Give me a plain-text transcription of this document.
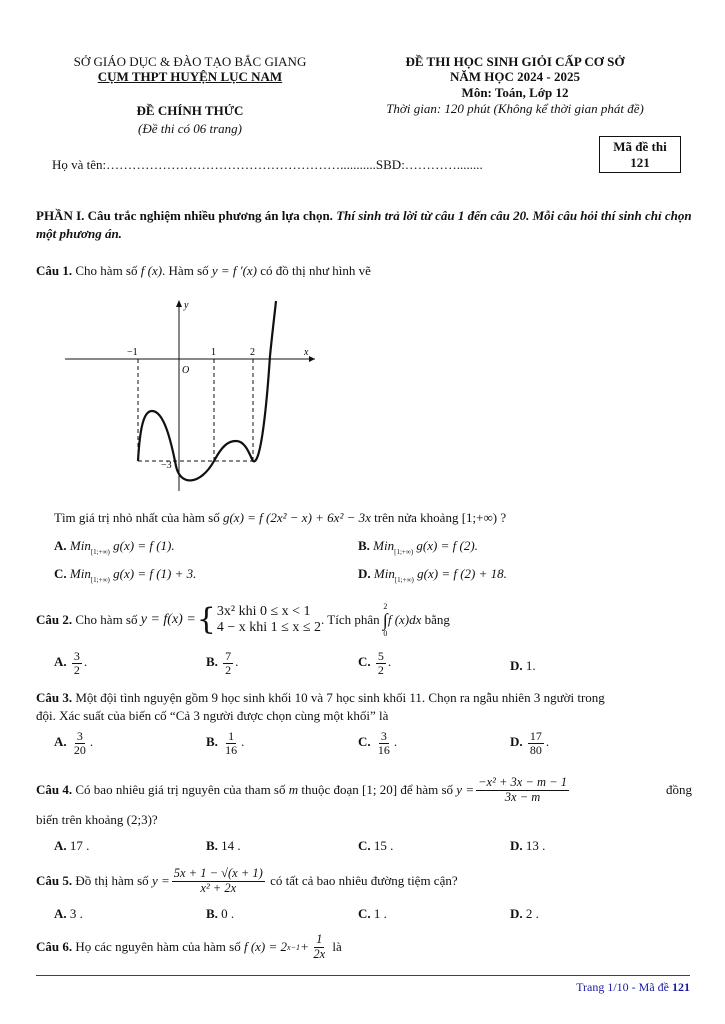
SỞ GIÁO DỤC & ĐÀO TẠO BẮC GIANG
CỤM THPT HUYỆN LỤC NAM
ĐỀ CHÍNH THỨC
(Đề thi có 06 trang)
ĐỀ THI HỌC SINH GIỎI CẤP CƠ SỞ
NĂM HỌC 2024 - 2025
Môn: Toán, Lớp 12
Thời gian: 120 phút (Không kể thời gian phát đề)
Mã đề thi
121
Họ và tên:………………………………………………...........SBD:…………........
PHẦN I. Câu trắc nghiệm nhiều phương án lựa chọn. Thí sinh trả lời từ câu 1 đến câu 20. Mỗi câu hỏi thí sinh chỉ chọn một phương án.
Câu 1. Cho hàm số f (x). Hàm số y = f '(x) có đồ thị như hình vẽ
y
x
O
−1	1	2
−3
Tìm giá trị nhỏ nhất của hàm số g(x) = f (2x² − x) + 6x² − 3x trên nửa khoảng [1;+∞) ?
A. Min$_{[1;+\infty)}$ g(x) = f (1).	B. Min$_{[1;+\infty)}$ g(x) = f (2).
C. Min$_{[1;+\infty)}$ g(x) = f (1) + 3.	D. Min$_{[1;+\infty)}$ g(x) = f (2) + 18.
Câu 2.
Cho hàm số
y = f(x) = { 3x² khi 0 ≤ x < 1
4 − x khi 1 ≤ x ≤ 2
. Tích phân

2
∫
0
f (x)dx
bằng
A. $\frac{3}{2}$ .	B. $\frac{7}{2}$ .	C. $\frac{5}{2}$ .	D. 1.
Câu 3. Một đội tình nguyện gồm 9 học sinh khối 10 và 7 học sinh khối 11. Chọn ra ngẫu nhiên 3 người trong
đội. Xác suất của biến cố “Cả 3 người được chọn cùng một khối” là
A. $\frac{3}{20}$ .	B. $\frac{1}{16}$ .	C. $\frac{3}{16}$ .	D. $\frac{17}{80}$ .
Câu 4.
Có bao nhiêu giá trị nguyên của tham số
m
thuộc đoạn
[1; 20]
để hàm số
$y = \frac{\text{−x² + 3x − m − 1}}{3x - m}$	đồng
biến trên khoảng (2;3)?
A. 17 .	B. 14 .	C. 15 .	D. 13 .
Câu 5.
Đồ thị hàm số
$y = \frac{5x + 1 - √(x + 1)}{\text{x² + 2x}}$
có tất cả bao nhiêu đường tiệm cận?
A. 3 .	B. 0 .	C. 1 .	D. 2 .
Câu 6.
Họ các nguyên hàm của hàm số
f (x) = 2 $x-1 + \frac{1}{2x}$
là
Trang 1/10 - Mã đề 121
